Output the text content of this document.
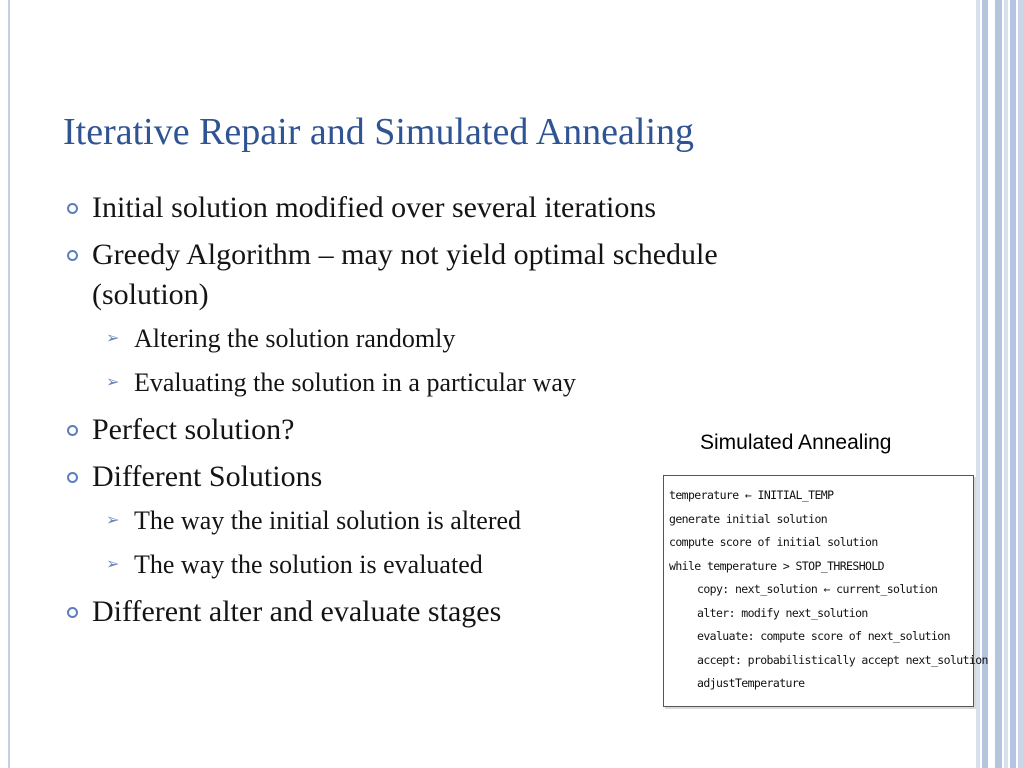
Iterative Repair and Simulated Annealing
Initial solution modified over several iterations
Greedy Algorithm – may not yield optimal schedule (solution)
➢ Altering the solution randomly
➢ Evaluating the solution in a particular way
Perfect solution?
Different Solutions
➢ The way the initial solution is altered
➢ The way the solution is evaluated
Different alter and evaluate stages
Simulated Annealing
temperature ← INITIAL_TEMP
generate initial solution
compute score of initial solution
while temperature > STOP_THRESHOLD
copy: next_solution ← current_solution
alter: modify next_solution
evaluate: compute score of next_solution
accept: probabilistically accept next_solution
adjustTemperature
